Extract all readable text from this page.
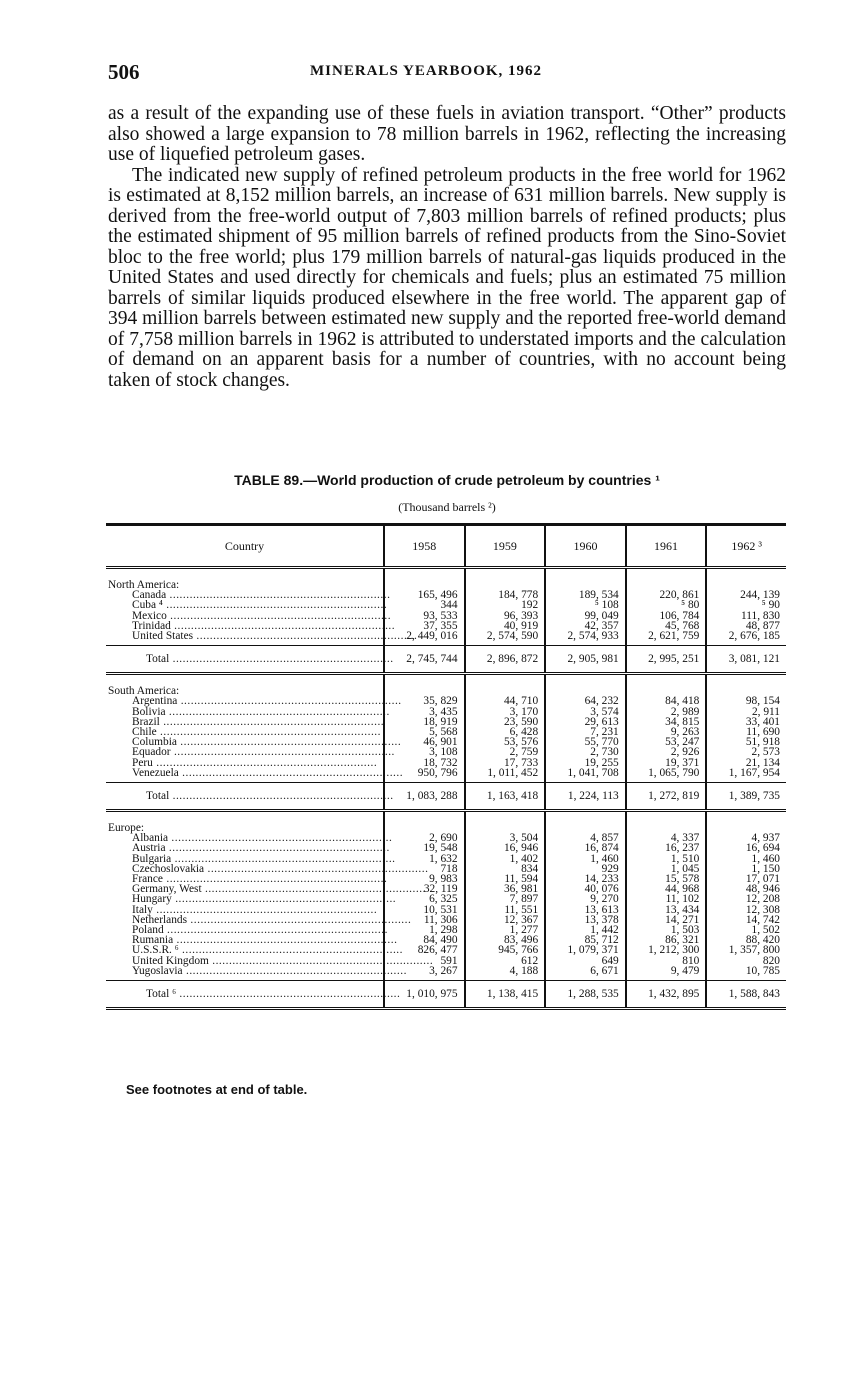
506	MINERALS YEARBOOK, 1962

as a result of the expanding use of these fuels in aviation transport. “Other” products also showed a large expansion to 78 million barrels in 1962, reflecting the increasing use of liquefied petroleum gases.

The indicated new supply of refined petroleum products in the free world for 1962 is estimated at 8,152 million barrels, an increase of 631 million barrels. New supply is derived from the free-world output of 7,803 million barrels of refined products; plus the estimated shipment of 95 million barrels of refined products from the Sino-Soviet bloc to the free world; plus 179 million barrels of natural-gas liquids produced in the United States and used directly for chemicals and fuels; plus an estimated 75 million barrels of similar liquids produced elsewhere in the free world. The apparent gap of 394 million barrels between estimated new supply and the reported free-world demand of 7,758 million barrels in 1962 is attributed to understated imports and the calculation of demand on an apparent basis for a number of countries, with no account being taken of stock changes.

TABLE 89.—World production of crude petroleum by countries ¹
(Thousand barrels ²)
Country	1958	1959	1960	1961	1962 ³
North America:					
Canada ..................................................................	165, 496	184, 778	189, 534	220, 861	244, 139
Cuba ⁴ ..................................................................	344	192	⁵ 108	⁵ 80	⁵ 90
Mexico ..................................................................	93, 533	96, 393	99, 049	106, 784	111, 830
Trinidad ..................................................................	37, 355	40, 919	42, 357	45, 768	48, 877
United States ..................................................................	2, 449, 016	2, 574, 590	2, 574, 933	2, 621, 759	2, 676, 185

Total ..................................................................	2, 745, 744	2, 896, 872	2, 905, 981	2, 995, 251	3, 081, 121
South America:					
Argentina ..................................................................	35, 829	44, 710	64, 232	84, 418	98, 154
Bolivia ..................................................................	3, 435	3, 170	3, 574	2, 989	2, 911
Brazil ..................................................................	18, 919	23, 590	29, 613	34, 815	33, 401
Chile ..................................................................	5, 568	6, 428	7, 231	9, 263	11, 690
Columbia ..................................................................	46, 901	53, 576	55, 770	53, 247	51, 918
Equador ..................................................................	3, 108	2, 759	2, 730	2, 926	2, 573
Peru ..................................................................	18, 732	17, 733	19, 255	19, 371	21, 134
Venezuela ..................................................................	950, 796	1, 011, 452	1, 041, 708	1, 065, 790	1, 167, 954

Total ..................................................................	1, 083, 288	1, 163, 418	1, 224, 113	1, 272, 819	1, 389, 735
Europe:					
Albania ..................................................................	2, 690	3, 504	4, 857	4, 337	4, 937
Austria ..................................................................	19, 548	16, 946	16, 874	16, 237	16, 694
Bulgaria ..................................................................	1, 632	1, 402	1, 460	1, 510	1, 460
Czechoslovakia ..................................................................	718	834	929	1, 045	1, 150
France ..................................................................	9, 983	11, 594	14, 233	15, 578	17, 071
Germany, West ..................................................................	32, 119	36, 981	40, 076	44, 968	48, 946
Hungary ..................................................................	6, 325	7, 897	9, 270	11, 102	12, 208
Italy ..................................................................	10, 531	11, 551	13, 613	13, 434	12, 308
Netherlands ..................................................................	11, 306	12, 367	13, 378	14, 271	14, 742
Poland ..................................................................	1, 298	1, 277	1, 442	1, 503	1, 502
Rumania ..................................................................	84, 490	83, 496	85, 712	86, 321	88, 420
U.S.S.R. ⁶ ..................................................................	826, 477	945, 766	1, 079, 371	1, 212, 300	1, 357, 800
United Kingdom ..................................................................	591	612	649	810	820
Yugoslavia ..................................................................	3, 267	4, 188	6, 671	9, 479	10, 785

Total ⁶ ..................................................................	1, 010, 975	1, 138, 415	1, 288, 535	1, 432, 895	1, 588, 843
See footnotes at end of table.
